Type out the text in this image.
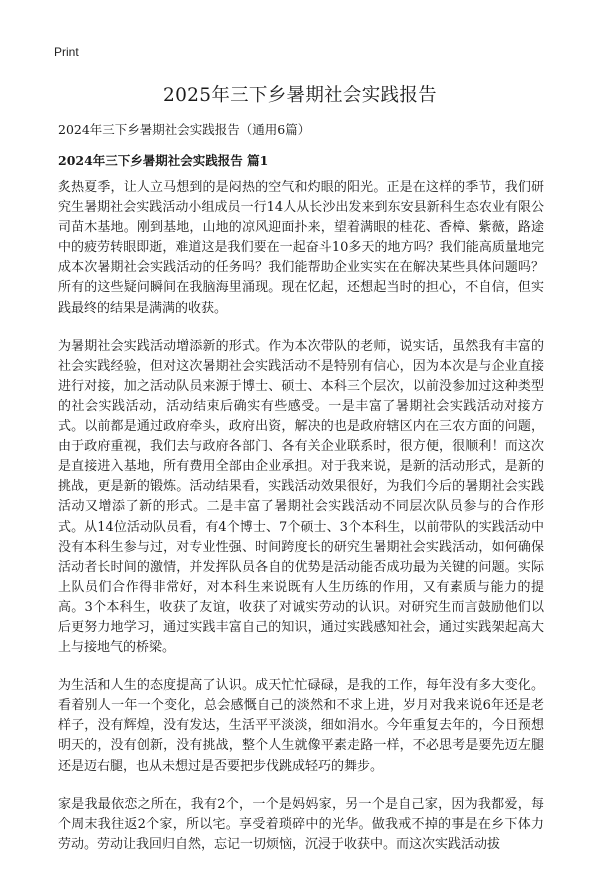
Print
2025年三下乡暑期社会实践报告
2024年三下乡暑期社会实践报告（通用6篇）
2024年三下乡暑期社会实践报告 篇1

炙热夏季，让人立马想到的是闷热的空气和灼眼的阳光。正是在这样的季节，我们研究生暑期社会实践活动小组成员一行14人从长沙出发来到东安县新科生态农业有限公司苗木基地。刚到基地，山地的凉风迎面扑来，望着满眼的桂花、香樟、紫薇，路途中的疲劳转眼即逝，难道这是我们要在一起奋斗10多天的地方吗？我们能高质量地完成本次暑期社会实践活动的任务吗？我们能帮助企业实实在在解决某些具体问题吗？所有的这些疑问瞬间在我脑海里涌现。现在忆起，还想起当时的担心，不自信，但实践最终的结果是满满的收获。

为暑期社会实践活动增添新的形式。作为本次带队的老师，说实话，虽然我有丰富的社会实践经验，但对这次暑期社会实践活动不是特别有信心，因为本次是与企业直接进行对接，加之活动队员来源于博士、硕士、本科三个层次，以前没参加过这种类型的社会实践活动，活动结束后确实有些感受。一是丰富了暑期社会实践活动对接方式。以前都是通过政府牵头，政府出资，解决的也是政府辖区内在三农方面的问题，由于政府重视，我们去与政府各部门、各有关企业联系时，很方便，很顺利！而这次是直接进入基地，所有费用全部由企业承担。对于我来说，是新的活动形式，是新的挑战，更是新的锻炼。活动结果看，实践活动效果很好，为我们今后的暑期社会实践活动又增添了新的形式。二是丰富了暑期社会实践活动不同层次队员参与的合作形式。从14位活动队员看，有4个博士、7个硕士、3个本科生，以前带队的实践活动中没有本科生参与过，对专业性强、时间跨度长的研究生暑期社会实践活动，如何确保活动者长时间的激情，并发挥队员各自的优势是活动能否成功最为关键的问题。实际上队员们合作得非常好，对本科生来说既有人生历练的作用，又有素质与能力的提高。3个本科生，收获了友谊，收获了对诚实劳动的认识。对研究生而言鼓励他们以后更努力地学习，通过实践丰富自己的知识，通过实践感知社会，通过实践架起高大上与接地气的桥梁。

为生活和人生的态度提高了认识。成天忙忙碌碌，是我的工作，每年没有多大变化。看着别人一年一个变化，总会感慨自己的淡然和不求上进，岁月对我来说6年还是老样子，没有辉煌，没有发达，生活平平淡淡，细如涓水。今年重复去年的，今日预想明天的，没有创新，没有挑战，整个人生就像平素走路一样，不必思考是要先迈左腿还是迈右腿，也从未想过是否要把步伐跳成轻巧的舞步。

家是我最依恋之所在，我有2个，一个是妈妈家，另一个是自己家，因为我都爱，每个周末我往返2个家，所以宅。享受着琐碎中的光华。做我戒不掉的事是在乡下体力劳动。劳动让我回归自然，忘记一切烦恼，沉浸于收获中。而这次实践活动拔
